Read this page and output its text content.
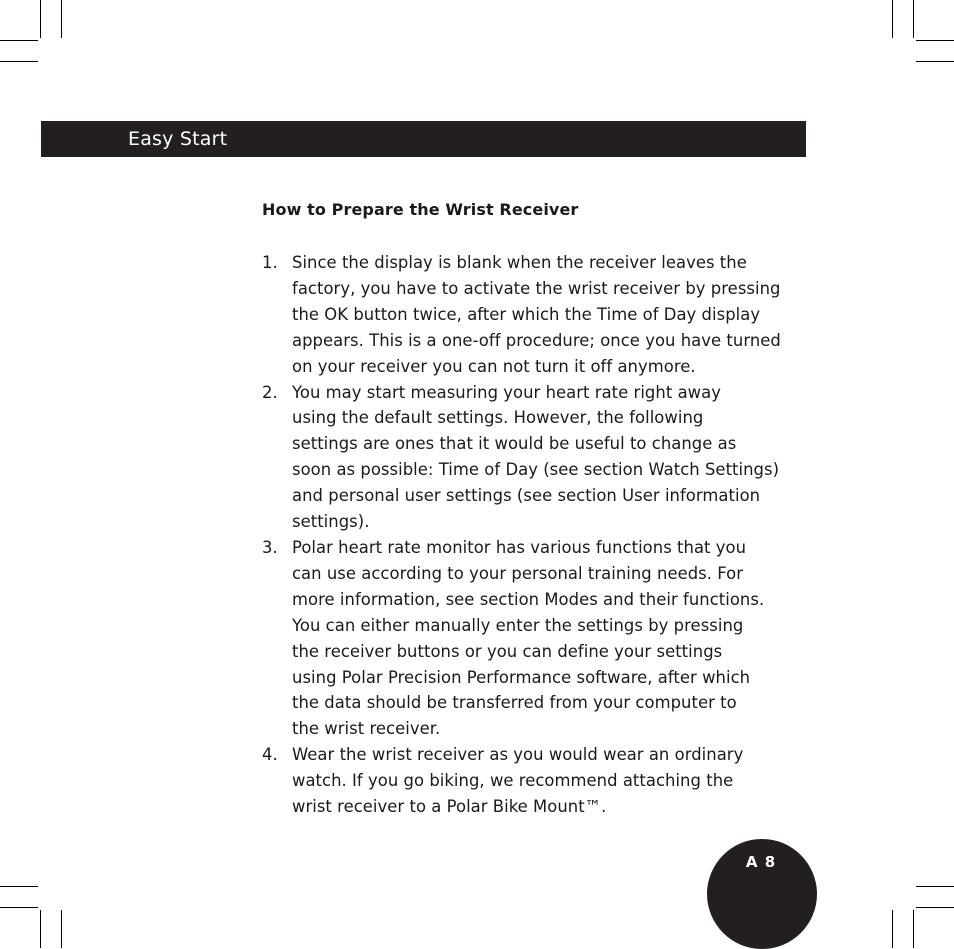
Easy Start
How to Prepare the Wrist Receiver
1. Since the display is blank when the receiver leaves the
factory, you have to activate the wrist receiver by pressing
the OK button twice, after which the Time of Day display
appears. This is a one-off procedure; once you have turned
on your receiver you can not turn it off anymore.
2. You may start measuring your heart rate right away
using the default settings. However, the following
settings are ones that it would be useful to change as
soon as possible: Time of Day (see section Watch Settings)
and personal user settings (see section User information
settings).
3. Polar heart rate monitor has various functions that you
can use according to your personal training needs. For
more information, see section Modes and their functions.
You can either manually enter the settings by pressing
the receiver buttons or you can define your settings
using Polar Precision Performance software, after which
the data should be transferred from your computer to
the wrist receiver.
4. Wear the wrist receiver as you would wear an ordinary
watch. If you go biking, we recommend attaching the
wrist receiver to a Polar Bike Mount™.
A 8
